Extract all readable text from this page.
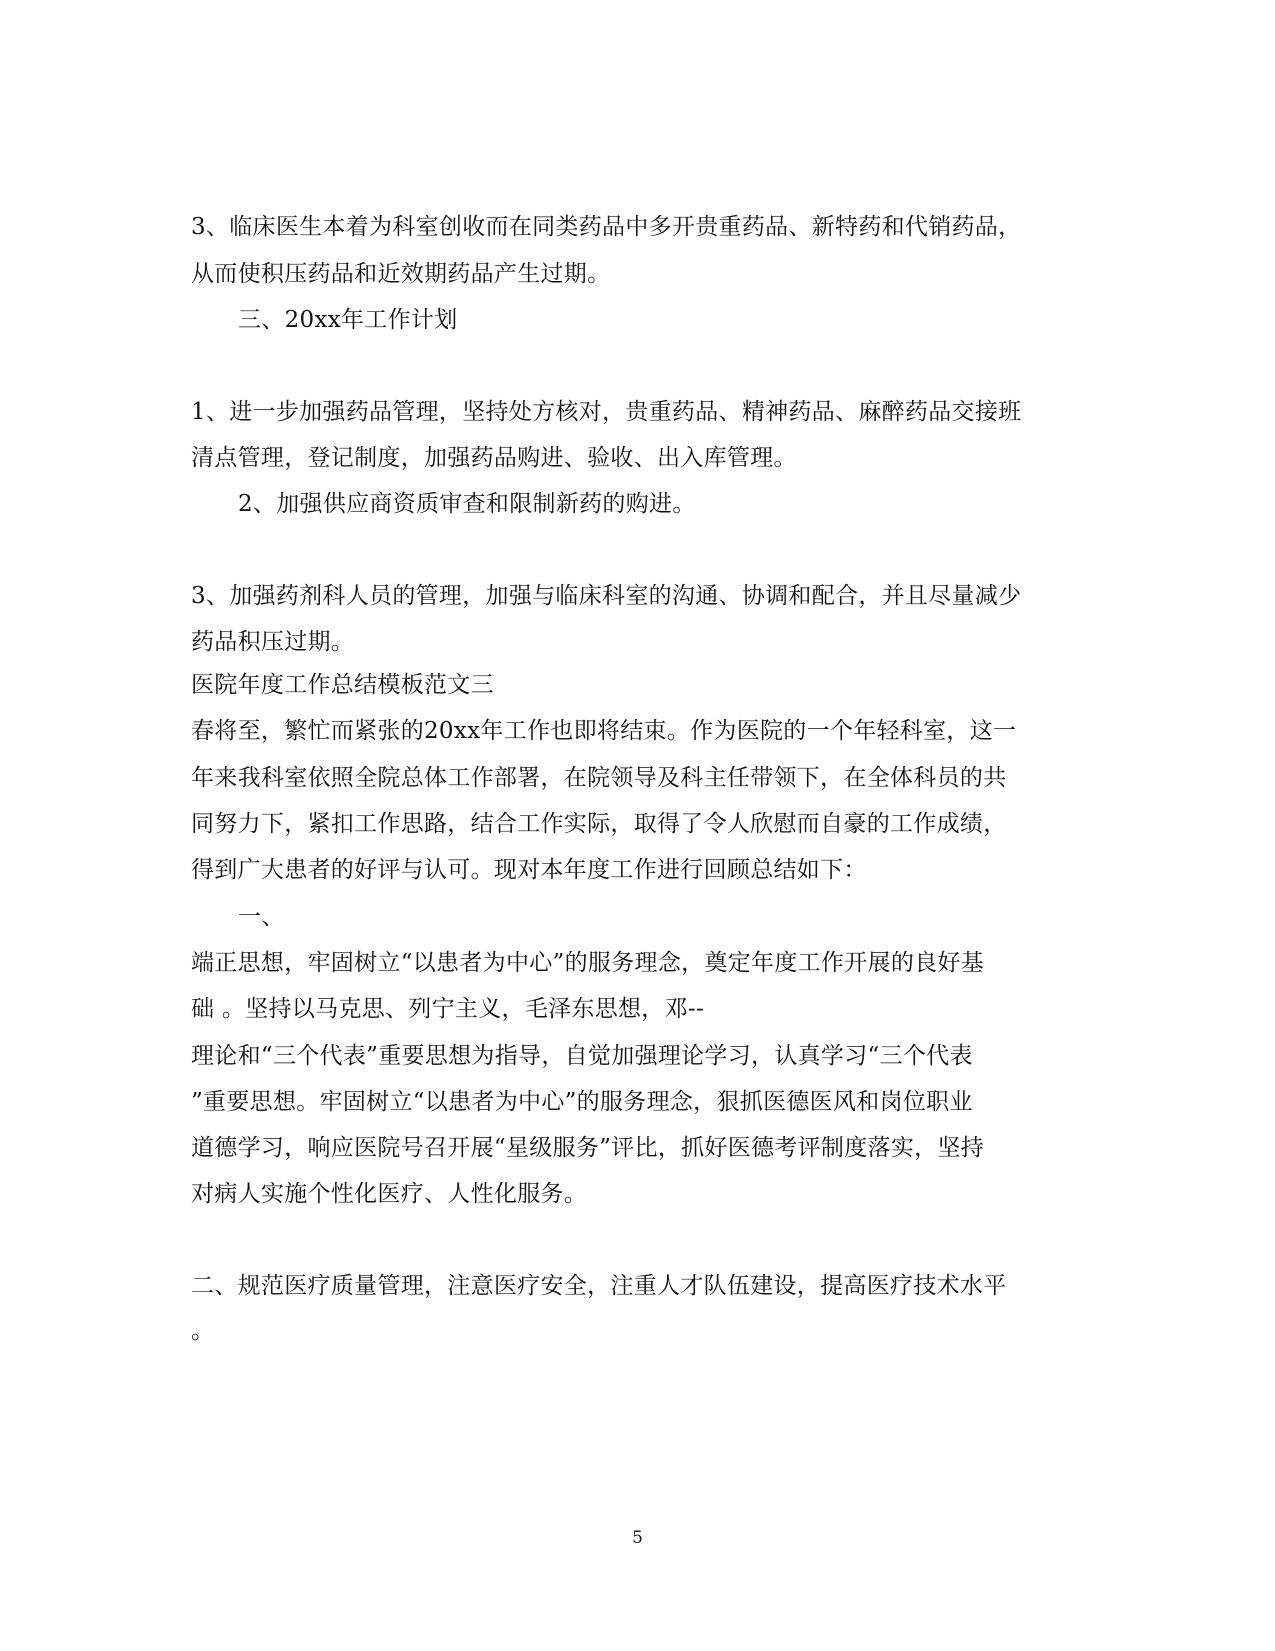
3、临床医生本着为科室创收而在同类药品中多开贵重药品、新特药和代销药品，
从而使积压药品和近效期药品产生过期。
三、20xx年工作计划
1、进一步加强药品管理，坚持处方核对，贵重药品、精神药品、麻醉药品交接班
清点管理，登记制度，加强药品购进、验收、出入库管理。
2、加强供应商资质审查和限制新药的购进。
3、加强药剂科人员的管理，加强与临床科室的沟通、协调和配合，并且尽量减少
药品积压过期。
医院年度工作总结模板范文三
春将至，繁忙而紧张的20xx年工作也即将结束。作为医院的一个年轻科室，这一
年来我科室依照全院总体工作部署，在院领导及科主任带领下，在全体科员的共
同努力下，紧扣工作思路，结合工作实际，取得了令人欣慰而自豪的工作成绩，
得到广大患者的好评与认可。现对本年度工作进行回顾总结如下：
一、
端正思想，牢固树立“以患者为中心”的服务理念，奠定年度工作开展的良好基
础 。坚持以马克思、列宁主义，毛泽东思想，邓--
理论和“三个代表”重要思想为指导，自觉加强理论学习，认真学习“三个代表
”重要思想。牢固树立“以患者为中心”的服务理念，狠抓医德医风和岗位职业
道德学习，响应医院号召开展“星级服务”评比，抓好医德考评制度落实，坚持
对病人实施个性化医疗、人性化服务。
二、规范医疗质量管理，注意医疗安全，注重人才队伍建设，提高医疗技术水平
。
5
